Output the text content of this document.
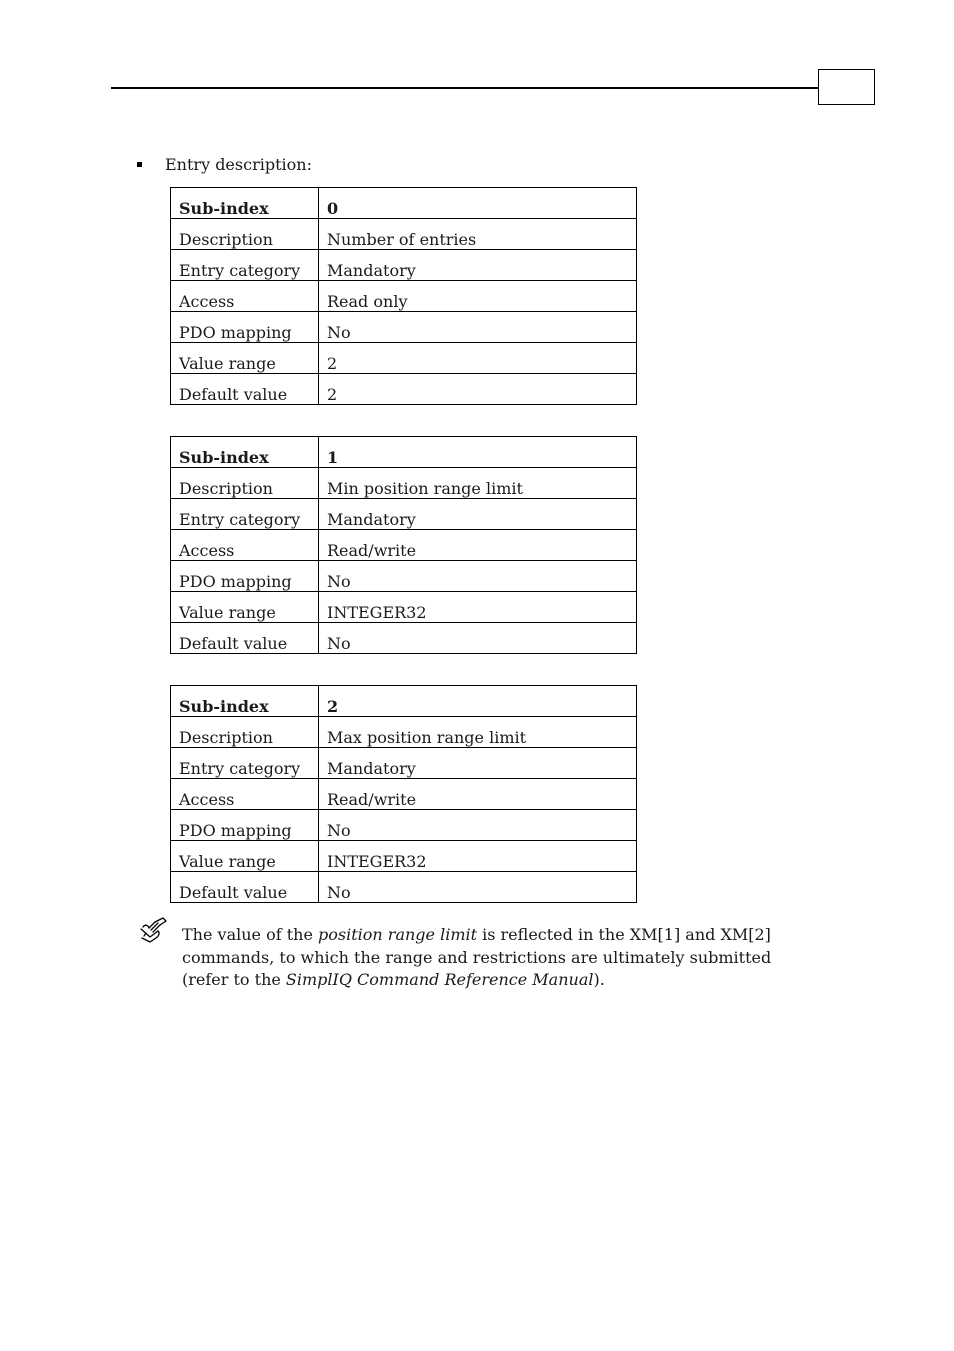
Entry description:
Sub-index	0
Description	Number of entries
Entry category	Mandatory
Access	Read only
PDO mapping	No
Value range	2
Default value	2
Sub-index	1
Description	Min position range limit
Entry category	Mandatory
Access	Read/write
PDO mapping	No
Value range	INTEGER32
Default value	No
Sub-index	2
Description	Max position range limit
Entry category	Mandatory
Access	Read/write
PDO mapping	No
Value range	INTEGER32
Default value	No
The value of the position range limit is reflected in the XM[1] and XM[2] commands, to which the range and restrictions are ultimately submitted (refer to the SimplIQ Command Reference Manual).
